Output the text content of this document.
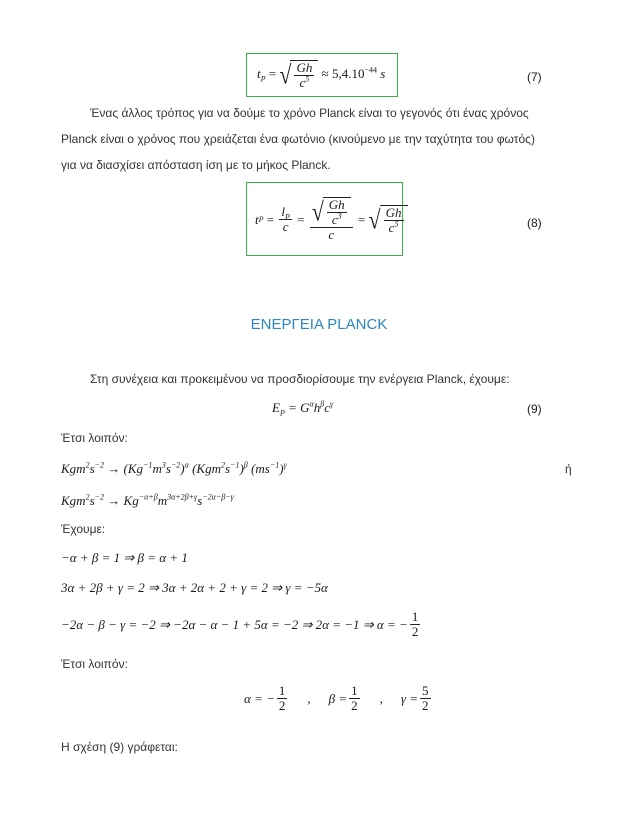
$t_P$ = √ $\frac{Gh}{c^5} \approx 5,4.10^{-44}$ s	(7)
Ένας άλλος τρόπος για να δούμε το χρόνο Planck είναι το γεγονός ότι ένας χρόνος
Planck είναι ο χρόνος που χρειάζεται ένα φωτόνιο (κινούμενο με την ταχύτητα του φωτός)
για να διασχίσει απόσταση ίση με το μήκος Planck.
t $P = \frac{l_P}{c} = \frac{√ \frac{Gh}{c^3}}{c}$ = √ $\frac{Gh}{c^5}$	(8)
ΕΝΕΡΓΕΙΑ PLANCK
Στη συνέχεια και προκειμένου να προσδιορίσουμε την ενέργεια Planck, έχουμε:
$E_P = G^\alpha h^\beta c^\gamma$	(9)
Έτσι λοιπόν:
$Kgm^2s^{-2} \to (Kg^{-1}m^3s^{-2})^\alpha$ $(Kgm^2s^{-1})^\beta$ $(ms^{-1})^\gamma$	ή
$Kgm^2s^{-2} \to Kg^{-\alpha+\beta}m^{3\alpha+2\beta+\gamma}s^{-2\alpha-\beta-\gamma}$
Έχουμε:
−α + β = 1 ⇒ β = α + 1
3α + 2β + γ = 2 ⇒ 3α + 2α + 2 + γ = 2 ⇒ γ = −5α
−2α − β − γ = −2 ⇒ −2α − α − 1 + 5α = −2 ⇒ 2α = −1 ⇒ α = − $\frac{1}{2}$
Έτσι λοιπόν:
α = − $\frac{1}{2}$ , $\beta = \frac{1}{2}$ , $\gamma = \frac{5}{2}$
Η σχέση (9) γράφεται:
